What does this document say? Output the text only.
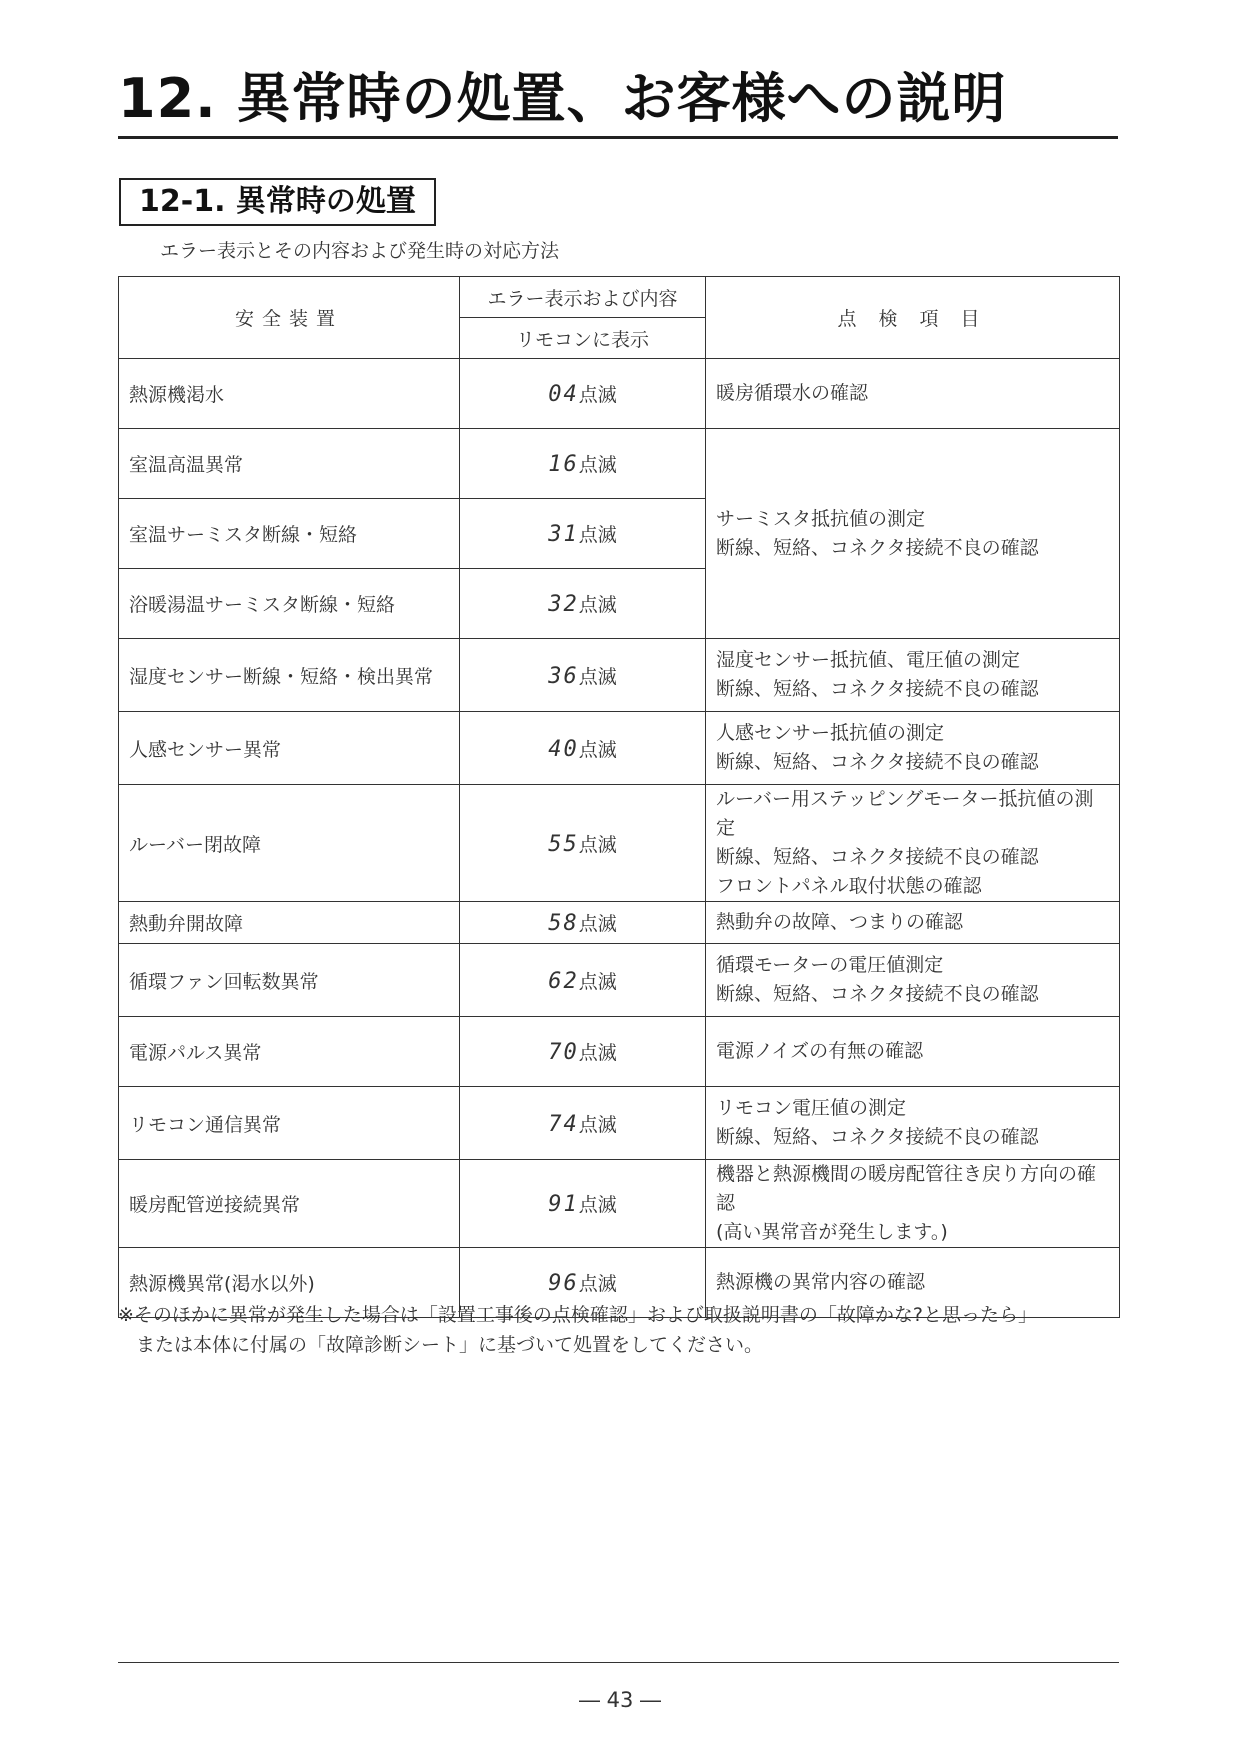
12. 異常時の処置、お客様への説明
12-1. 異常時の処置
エラー表示とその内容および発生時の対応方法
安全装置	エラー表示および内容	点 検 項 目
	リモコンに表示	
熱源機渇水	04点滅	暖房循環水の確認

室温高温異常	16点滅	サーミスタ抵抗値の測定
断線、短絡、コネクタ接続不良の確認

室温サーミスタ断線・短絡	31点滅	
浴暖湯温サーミスタ断線・短絡	32点滅	
湿度センサー断線・短絡・検出異常	36点滅	湿度センサー抵抗値、電圧値の測定
断線、短絡、コネクタ接続不良の確認

人感センサー異常	40点滅	人感センサー抵抗値の測定
断線、短絡、コネクタ接続不良の確認

ルーバー閉故障	55点滅	ルーバー用ステッピングモーター抵抗値の測定
断線、短絡、コネクタ接続不良の確認
フロントパネル取付状態の確認

熱動弁開故障	58点滅	熱動弁の故障、つまりの確認

循環ファン回転数異常	62点滅	循環モーターの電圧値測定
断線、短絡、コネクタ接続不良の確認

電源パルス異常	70点滅	電源ノイズの有無の確認

リモコン通信異常	74点滅	リモコン電圧値の測定
断線、短絡、コネクタ接続不良の確認

暖房配管逆接続異常	91点滅	機器と熱源機間の暖房配管往き戻り方向の確認
(高い異常音が発生します。)

熱源機異常(渇水以外)	96点滅	熱源機の異常内容の確認
※そのほかに異常が発生した場合は「設置工事後の点検確認」および取扱説明書の「故障かな?と思ったら」
または本体に付属の「故障診断シート」に基づいて処置をしてください。
― 43 ―
